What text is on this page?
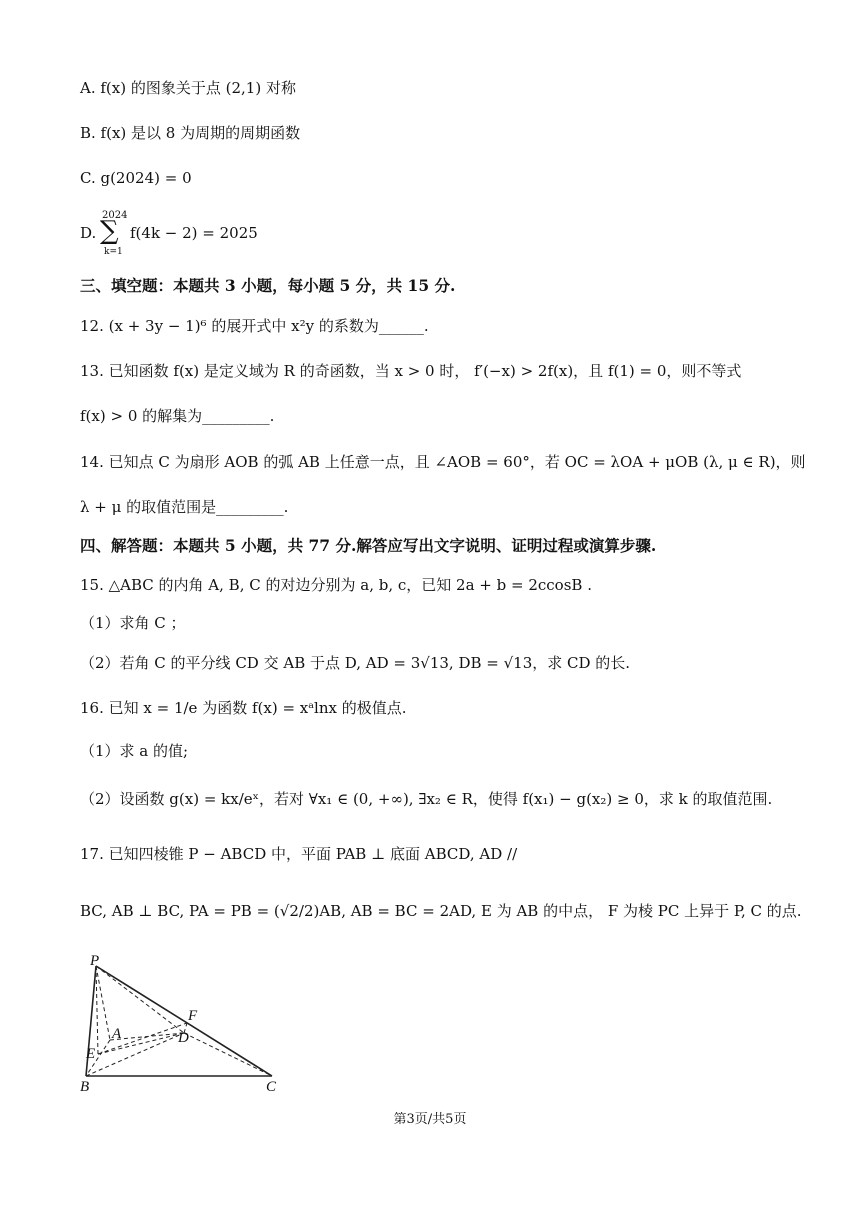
A. f(x) 的图象关于点 (2,1) 对称
B. f(x) 是以 8 为周期的周期函数
C. g(2024) = 0
D.
2024
∑
k=1
f(4k − 2) = 2025
三、填空题：本题共 3 小题，每小题 5 分，共 15 分.
12. (x + 3y − 1)⁶ 的展开式中 x²y 的系数为______.
13. 已知函数 f(x) 是定义域为 R 的奇函数，当 x > 0 时， f′(−x) > 2f(x)，且 f(1) = 0，则不等式
f(x) > 0 的解集为_________.
14. 已知点 C 为扇形 AOB 的弧 AB 上任意一点，且 ∠AOB = 60°，若 OC = λOA + μOB (λ, μ ∈ R)，则
λ + μ 的取值范围是_________.
四、解答题：本题共 5 小题，共 77 分.解答应写出文字说明、证明过程或演算步骤.
15. △ABC 的内角 A, B, C 的对边分别为 a, b, c，已知 2a + b = 2ccosB .
（1）求角 C ；
（2）若角 C 的平分线 CD 交 AB 于点 D, AD = 3√13, DB = √13，求 CD 的长.
16. 已知 x = 1/e 为函数 f(x) = xᵃlnx 的极值点.
（1）求 a 的值;
（2）设函数 g(x) = kx/eˣ，若对 ∀x₁ ∈ (0, +∞), ∃x₂ ∈ R，使得 f(x₁) − g(x₂) ≥ 0，求 k 的取值范围.
17. 已知四棱锥 P − ABCD 中，平面 PAB ⊥ 底面 ABCD, AD //
BC, AB ⊥ BC, PA = PB = (√2/2)AB, AB = BC = 2AD, E 为 AB 的中点， F 为棱 PC 上异于 P, C 的点.
P
A	D
F
E
B	C
第3页/共5页
